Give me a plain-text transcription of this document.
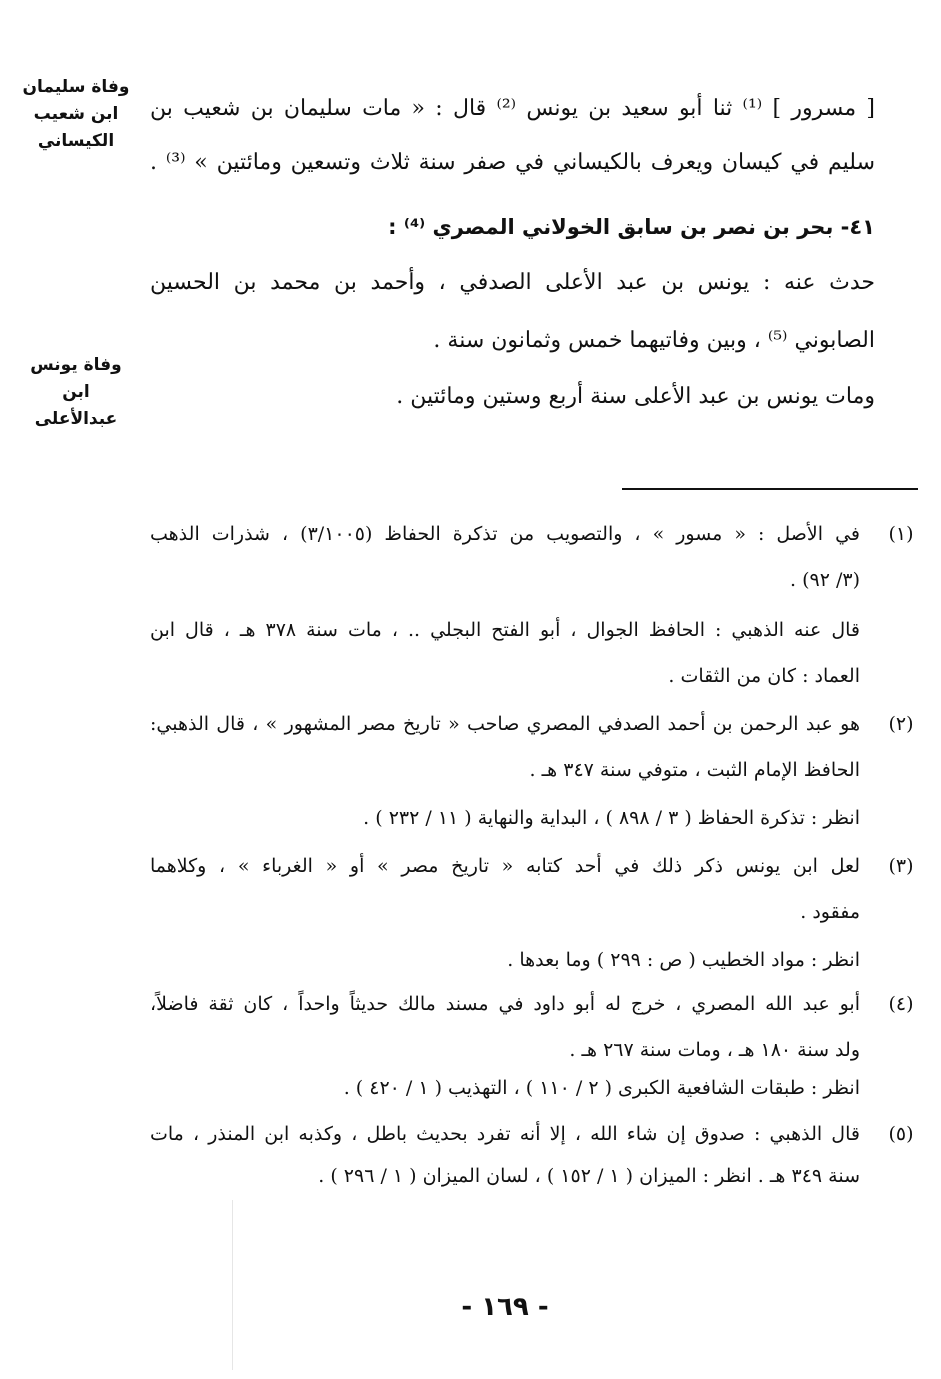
وفاة سليمان
ابن شعيب
الكيساني
وفاة يونس
ابن
عبدالأعلى
[ مسرور ] ⁽¹⁾ ثنا أبو سعيد بن يونس ⁽²⁾ قال : « مات سليمان بن شعيب بن
سليم في كيسان ويعرف بالكيساني في صفر سنة ثلاث وتسعين ومائتين » ⁽³⁾ .
٤١- بحر بن نصر بن سابق الخولاني المصري ⁽⁴⁾ :
حدث عنه : يونس بن عبد الأعلى الصدفي ، وأحمد بن محمد بن الحسين
الصابوني ⁽⁵⁾ ، وبين وفاتيهما خمس وثمانون سنة .
ومات يونس بن عبد الأعلى سنة أربع وستين ومائتين .
(١)
في الأصل : « مسور » ، والتصويب من تذكرة الحفاظ (٣/١٠٠٥) ، شذرات الذهب
(٣/ ٩٢) .
قال عنه الذهبي : الحافظ الجوال ، أبو الفتح البجلي .. ، مات سنة ٣٧٨ هـ ، قال ابن
العماد : كان من الثقات .
(٢)
هو عبد الرحمن بن أحمد الصدفي المصري صاحب « تاريخ مصر المشهور » ، قال الذهبي:
الحافظ الإمام الثبت ، متوفي سنة ٣٤٧ هـ .
انظر : تذكرة الحفاظ ( ٣ / ٨٩٨ ) ، البداية والنهاية ( ١١ / ٢٣٢ ) .
(٣)
لعل ابن يونس ذكر ذلك في أحد كتابه « تاريخ مصر » أو « الغرباء » ، وكلاهما
مفقود .
انظر : مواد الخطيب ( ص : ٢٩٩ ) وما بعدها .
(٤)
أبو عبد الله المصري ، خرج له أبو داود في مسند مالك حديثاً واحداً ، كان ثقة فاضلاً،
ولد سنة ١٨٠ هـ ، ومات سنة ٢٦٧ هـ .
انظر : طبقات الشافعية الكبرى ( ٢ / ١١٠ ) ، التهذيب ( ١ / ٤٢٠ ) .
(٥)
قال الذهبي : صدوق إن شاء الله ، إلا أنه تفرد بحديث باطل ، وكذبه ابن المنذر ، مات
سنة ٣٤٩ هـ . انظر : الميزان ( ١ / ١٥٢ ) ، لسان الميزان ( ١ / ٢٩٦ ) .
- ١٦٩ -
